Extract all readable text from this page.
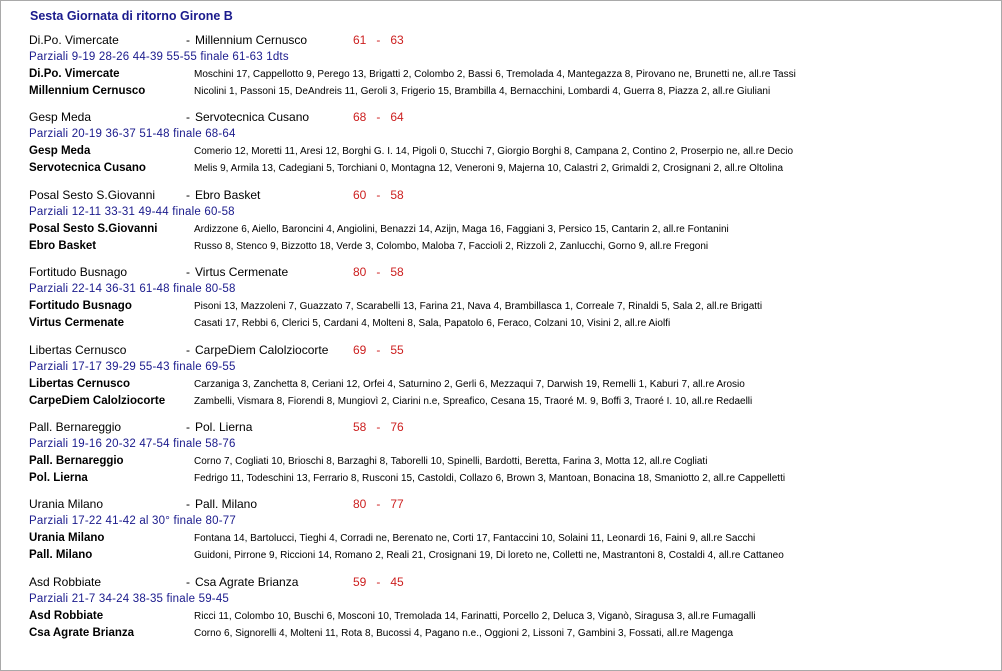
Sesta Giornata di ritorno Girone B
Di.Po. Vimercate	- Millennium Cernusco	61 - 63
Parziali 9-19 28-26 44-39 55-55 finale 61-63 1dts
Di.Po. Vimercate	Moschini 17, Cappellotto 9, Perego 13, Brigatti 2, Colombo 2, Bassi 6, Tremolada 4, Mantegazza 8, Pirovano ne, Brunetti ne, all.re Tassi
Millennium Cernusco	Nicolini 1, Passoni 15, DeAndreis 11, Geroli 3, Frigerio 15, Brambilla 4, Bernacchini, Lombardi 4, Guerra 8, Piazza 2, all.re Giuliani
Gesp Meda	- Servotecnica Cusano	68 - 64
Parziali 20-19 36-37 51-48 finale 68-64
Gesp Meda	Comerio 12, Moretti 11, Aresi 12, Borghi G. I. 14, Pigoli 0, Stucchi 7, Giorgio Borghi 8, Campana 2, Contino 2, Proserpio ne, all.re Decio
Servotecnica Cusano	Melis 9, Armila 13, Cadegiani 5, Torchiani 0, Montagna 12, Veneroni 9, Majerna 10, Calastri 2, Grimaldi 2, Crosignani 2, all.re Oltolina
Posal Sesto S.Giovanni	- Ebro Basket	60 - 58
Parziali 12-11 33-31 49-44 finale 60-58
Posal Sesto S.Giovanni	Ardizzone 6, Aiello, Baroncini 4, Angiolini, Benazzi 14, Azijn, Maga 16, Faggiani 3, Persico 15, Cantarin 2, all.re Fontanini
Ebro Basket	Russo 8, Stenco 9, Bizzotto 18, Verde 3, Colombo, Maloba 7, Faccioli 2, Rizzoli 2, Zanlucchi, Gorno 9, all.re Fregoni
Fortitudo Busnago	- Virtus Cermenate	80 - 58
Parziali 22-14 36-31 61-48 finale 80-58
Fortitudo Busnago	Pisoni 13, Mazzoleni 7, Guazzato 7, Scarabelli 13, Farina 21, Nava 4, Brambillasca 1, Correale 7, Rinaldi 5, Sala 2, all.re Brigatti
Virtus Cermenate	Casati 17, Rebbi 6, Clerici 5, Cardani 4, Molteni 8, Sala, Papatolo 6, Feraco, Colzani 10, Visini 2, all.re Aiolfi
Libertas Cernusco	- CarpeDiem Calolziocorte 69 - 55
Parziali 17-17 39-29 55-43 finale 69-55
Libertas Cernusco	Carzaniga 3, Zanchetta 8, Ceriani 12, Orfei 4, Saturnino 2, Gerli 6, Mezzaqui 7, Darwish 19, Remelli 1, Kaburi 7, all.re Arosio
CarpeDiem Calolziocorte	Zambelli, Vismara 8, Fiorendi 8, Mungiovì 2, Ciarini n.e, Spreafico, Cesana 15, Traoré M. 9, Boffi 3, Traoré I. 10, all.re Redaelli
Pall. Bernareggio	- Pol. Lierna	58 - 76
Parziali 19-16 20-32 47-54 finale 58-76
Pall. Bernareggio	Corno 7, Cogliati 10, Brioschi 8, Barzaghi 8, Taborelli 10, Spinelli, Bardotti, Beretta, Farina 3, Motta 12, all.re Cogliati
Pol. Lierna	Fedrigo 11, Todeschini 13, Ferrario 8, Rusconi 15, Castoldi, Collazo 6, Brown 3, Mantoan, Bonacina 18, Smaniotto 2, all.re Cappelletti
Urania Milano	- Pall. Milano	80 - 77
Parziali 17-22 41-42 al 30° finale 80-77
Urania Milano	Fontana 14, Bartolucci, Tieghi 4, Corradi ne, Berenato ne, Corti 17, Fantaccini 10, Solaini 11, Leonardi 16, Faini 9, all.re Sacchi
Pall. Milano	Guidoni, Pirrone 9, Riccioni 14, Romano 2, Reali 21, Crosignani 19, Di loreto ne, Colletti ne, Mastrantoni 8, Costaldi 4, all.re Cattaneo
Asd Robbiate	- Csa Agrate Brianza	59 - 45
Parziali 21-7 34-24 38-35 finale 59-45
Asd Robbiate	Ricci 11, Colombo 10, Buschi 6, Mosconi 10, Tremolada 14, Farinatti, Porcello 2, Deluca 3, Viganò, Siragusa 3, all.re Fumagalli
Csa Agrate Brianza	Corno 6, Signorelli 4, Molteni 11, Rota 8, Bucossi 4, Pagano n.e., Oggioni 2, Lissoni 7, Gambini 3, Fossati, all.re Magenga
